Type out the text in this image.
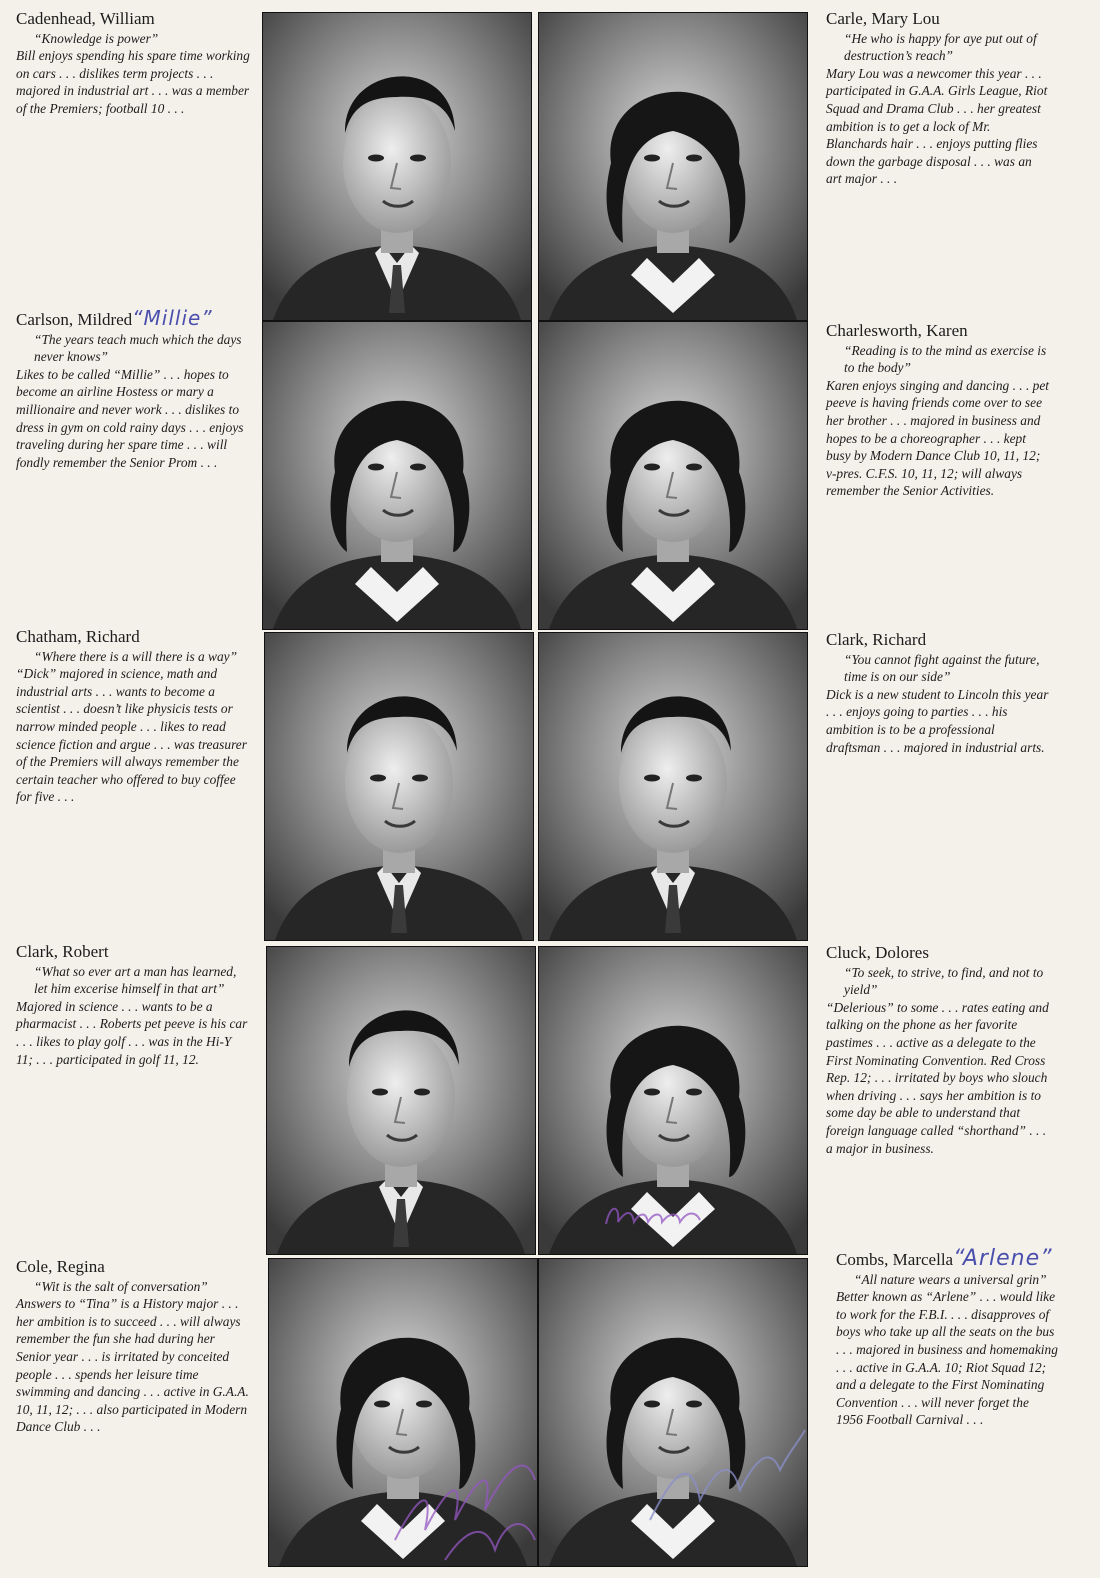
Cadenhead, William
“Knowledge is power”
Bill enjoys spending his spare time working on cars . . . dislikes term projects . . . majored in industrial art . . . was a member of the Premiers; football 10 . . .
Carle, Mary Lou
“He who is happy for aye put out of destruction’s reach”
Mary Lou was a newcomer this year . . . participated in G.A.A. Girls League, Riot Squad and Drama Club . . . her greatest ambition is to get a lock of Mr. Blanchards hair . . . enjoys putting flies down the garbage disposal . . . was an art major . . .
Carlson, Mildred“Millie”
“The years teach much which the days never knows”
Likes to be called “Millie” . . . hopes to become an airline Hostess or mary a millionaire and never work . . . dislikes to dress in gym on cold rainy days . . . enjoys traveling during her spare time . . . will fondly remember the Senior Prom . . .
Charlesworth, Karen
“Reading is to the mind as exercise is to the body”
Karen enjoys singing and dancing . . . pet peeve is having friends come over to see her brother . . . majored in business and hopes to be a choreographer . . . kept busy by Modern Dance Club 10, 11, 12; v-pres. C.F.S. 10, 11, 12; will always remember the Senior Activities.
Chatham, Richard
“Where there is a will there is a way”
“Dick” majored in science, math and industrial arts . . . wants to become a scientist . . . doesn’t like physicis tests or narrow minded people . . . likes to read science fiction and argue . . . was treasurer of the Premiers will always remember the certain teacher who offered to buy coffee for five . . .
Clark, Richard
“You cannot fight against the future, time is on our side”
Dick is a new student to Lincoln this year . . . enjoys going to parties . . . his ambition is to be a professional draftsman . . . majored in industrial arts.
Clark, Robert
“What so ever art a man has learned, let him excerise himself in that art”
Majored in science . . . wants to be a pharmacist . . . Roberts pet peeve is his car . . . likes to play golf . . . was in the Hi-Y 11; . . . participated in golf 11, 12.
Cluck, Dolores
“To seek, to strive, to find, and not to yield”
“Delerious” to some . . . rates eating and talking on the phone as her favorite pastimes . . . active as a delegate to the First Nominating Convention. Red Cross Rep. 12; . . . irritated by boys who slouch when driving . . . says her ambition is to some day be able to understand that foreign language called “shorthand” . . . a major in business.
Cole, Regina
“Wit is the salt of conversation”
Answers to “Tina” is a History major . . . her ambition is to succeed . . . will always remember the fun she had during her Senior year . . . is irritated by conceited people . . . spends her leisure time swimming and dancing . . . active in G.A.A. 10, 11, 12; . . . also participated in Modern Dance Club . . .
Combs, Marcella“Arlene”
“All nature wears a universal grin”
Better known as “Arlene” . . . would like to work for the F.B.I. . . . disapproves of boys who take up all the seats on the bus . . . majored in business and homemaking . . . active in G.A.A. 10; Riot Squad 12; and a delegate to the First Nominating Convention . . . will never forget the 1956 Football Carnival . . .
